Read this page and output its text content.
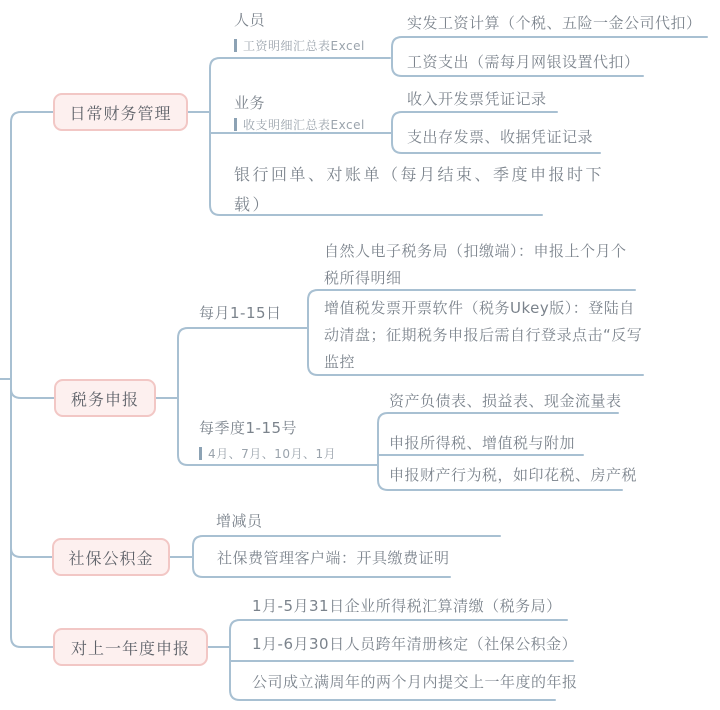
日常财务管理
税务申报
社保公积金
对上一年度申报
人员
工资明细汇总表Excel
实发工资计算（个税、五险一金公司代扣）
工资支出（需每月网银设置代扣）
业务
收支明细汇总表Excel
收入开发票凭证记录
支出存发票、收据凭证记录
银行回单、对账单（每月结束、季度申报时下
载）
每月1-15日
自然人电子税务局（扣缴端）：申报上个月个
税所得明细
增值税发票开票软件（税务Ukey版）：登陆自
动清盘；征期税务申报后需自行登录点击“反写
监控
每季度1-15号
4月、7月、10月、1月
资产负债表、损益表、现金流量表
申报所得税、增值税与附加
申报财产行为税，如印花税、房产税
增减员
社保费管理客户端：开具缴费证明
1月-5月31日企业所得税汇算清缴（税务局）
1月-6月30日人员跨年清册核定（社保公积金）
公司成立满周年的两个月内提交上一年度的年报
